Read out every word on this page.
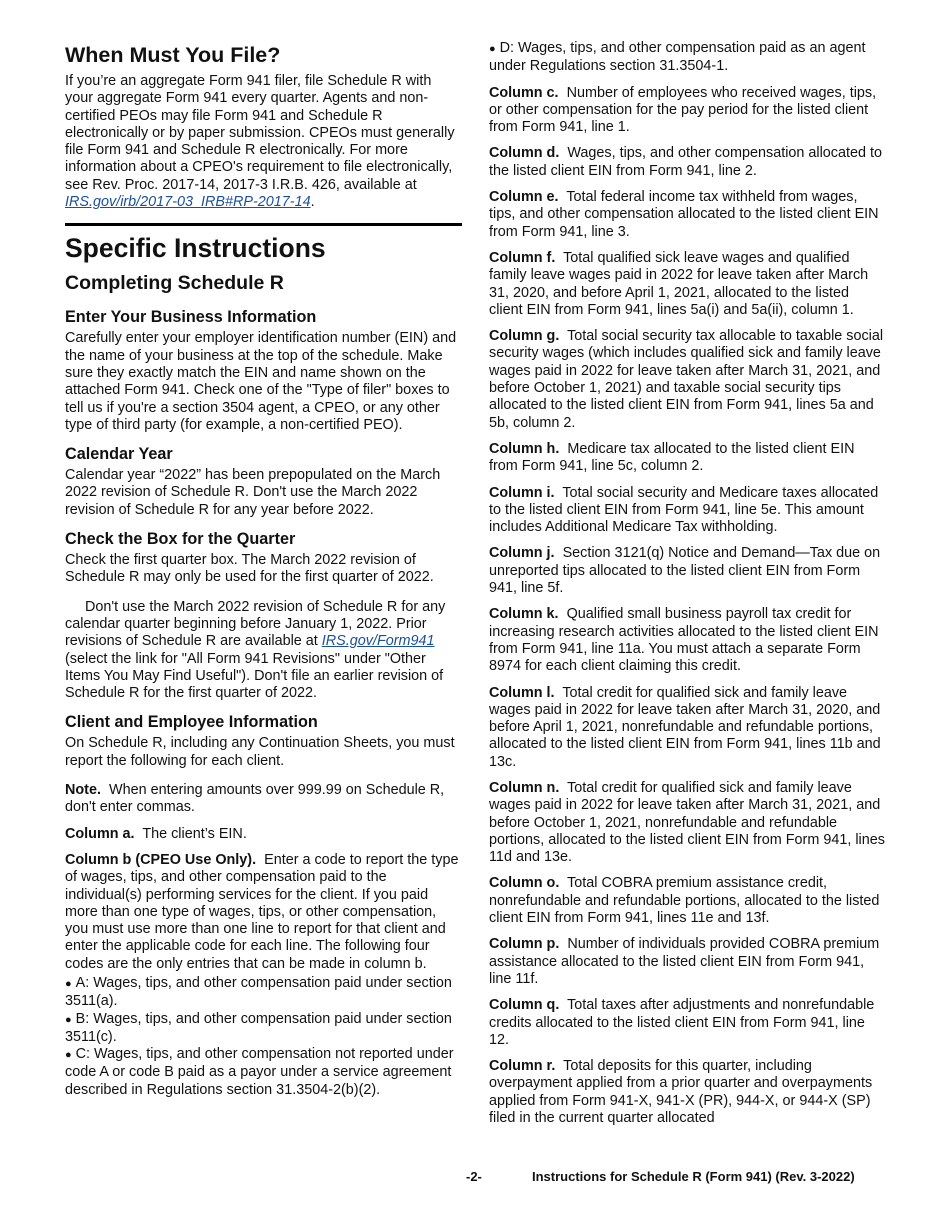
When Must You File?

If you’re an aggregate Form 941 filer, file Schedule R with your aggregate Form 941 every quarter. Agents and non-certified PEOs may file Form 941 and Schedule R electronically or by paper submission. CPEOs must generally file Form 941 and Schedule R electronically. For more information about a CPEO's requirement to file electronically, see Rev. Proc. 2017-14, 2017-3 I.R.B. 426, available at IRS.gov/irb/2017-03_IRB#RP-2017-14.

Specific Instructions
Completing Schedule R
Enter Your Business Information

Carefully enter your employer identification number (EIN) and the name of your business at the top of the schedule. Make sure they exactly match the EIN and name shown on the attached Form 941. Check one of the "Type of filer" boxes to tell us if you're a section 3504 agent, a CPEO, or any other type of third party (for example, a non-certified PEO).

Calendar Year

Calendar year “2022” has been prepopulated on the March 2022 revision of Schedule R. Don't use the March 2022 revision of Schedule R for any year before 2022.

Check the Box for the Quarter

Check the first quarter box. The March 2022 revision of Schedule R may only be used for the first quarter of 2022.

Don't use the March 2022 revision of Schedule R for any calendar quarter beginning before January 1, 2022. Prior revisions of Schedule R are available at IRS.gov/Form941 (select the link for "All Form 941 Revisions" under "Other Items You May Find Useful"). Don't file an earlier revision of Schedule R for the first quarter of 2022.

Client and Employee Information

On Schedule R, including any Continuation Sheets, you must report the following for each client.

Note. When entering amounts over 999.99 on Schedule R, don't enter commas.

Column a. The client’s EIN.

Column b (CPEO Use Only). Enter a code to report the type of wages, tips, and other compensation paid to the individual(s) performing services for the client. If you paid more than one type of wages, tips, or other compensation, you must use more than one line to report for that client and enter the applicable code for each line. The following four codes are the only entries that can be made in column b.

● A: Wages, tips, and other compensation paid under section 3511(a).

● B: Wages, tips, and other compensation paid under section 3511(c).

● C: Wages, tips, and other compensation not reported under code A or code B paid as a payor under a service agreement described in Regulations section 31.3504-2(b)(2).

● D: Wages, tips, and other compensation paid as an agent under Regulations section 31.3504-1.

Column c. Number of employees who received wages, tips, or other compensation for the pay period for the listed client from Form 941, line 1.

Column d. Wages, tips, and other compensation allocated to the listed client EIN from Form 941, line 2.

Column e. Total federal income tax withheld from wages, tips, and other compensation allocated to the listed client EIN from Form 941, line 3.

Column f. Total qualified sick leave wages and qualified family leave wages paid in 2022 for leave taken after March 31, 2020, and before April 1, 2021, allocated to the listed client EIN from Form 941, lines 5a(i) and 5a(ii), column 1.

Column g. Total social security tax allocable to taxable social security wages (which includes qualified sick and family leave wages paid in 2022 for leave taken after March 31, 2021, and before October 1, 2021) and taxable social security tips allocated to the listed client EIN from Form 941, lines 5a and 5b, column 2.

Column h. Medicare tax allocated to the listed client EIN from Form 941, line 5c, column 2.

Column i. Total social security and Medicare taxes allocated to the listed client EIN from Form 941, line 5e. This amount includes Additional Medicare Tax withholding.

Column j. Section 3121(q) Notice and Demand—Tax due on unreported tips allocated to the listed client EIN from Form 941, line 5f.

Column k. Qualified small business payroll tax credit for increasing research activities allocated to the listed client EIN from Form 941, line 11a. You must attach a separate Form 8974 for each client claiming this credit.

Column l. Total credit for qualified sick and family leave wages paid in 2022 for leave taken after March 31, 2020, and before April 1, 2021, nonrefundable and refundable portions, allocated to the listed client EIN from Form 941, lines 11b and 13c.

Column n. Total credit for qualified sick and family leave wages paid in 2022 for leave taken after March 31, 2021, and before October 1, 2021, nonrefundable and refundable portions, allocated to the listed client EIN from Form 941, lines 11d and 13e.

Column o. Total COBRA premium assistance credit, nonrefundable and refundable portions, allocated to the listed client EIN from Form 941, lines 11e and 13f.

Column p. Number of individuals provided COBRA premium assistance allocated to the listed client EIN from Form 941, line 11f.

Column q. Total taxes after adjustments and nonrefundable credits allocated to the listed client EIN from Form 941, line 12.

Column r. Total deposits for this quarter, including overpayment applied from a prior quarter and overpayments applied from Form 941-X, 941-X (PR), 944-X, or 944-X (SP) filed in the current quarter allocated

-2-	Instructions for Schedule R (Form 941) (Rev. 3-2022)
